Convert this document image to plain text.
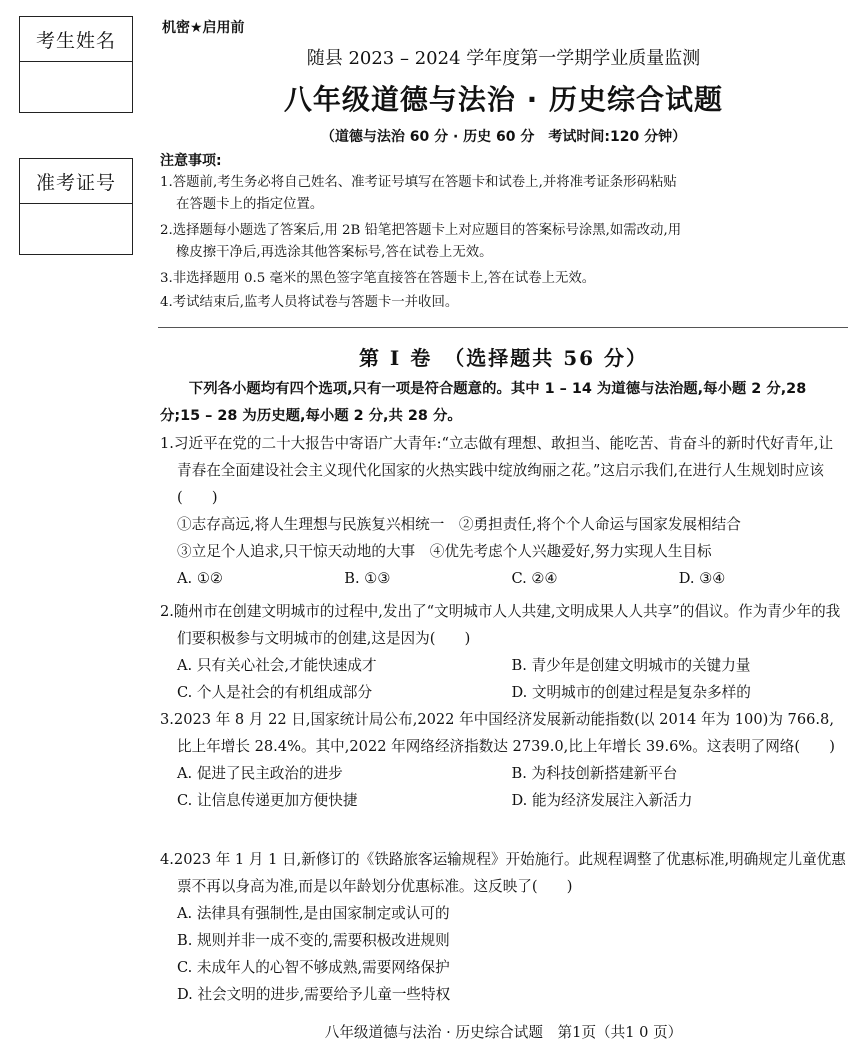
考生姓名
准考证号
机密★启用前
随县 2023 – 2024 学年度第一学期学业质量监测
八年级道德与法治 · 历史综合试题
（道德与法治 60 分 · 历史 60 分　考试时间:120 分钟）
注意事项:
1.答题前,考生务必将自己姓名、准考证号填写在答题卡和试卷上,并将准考证条形码粘贴
在答题卡上的指定位置。
2.选择题每小题选了答案后,用 2B 铅笔把答题卡上对应题目的答案标号涂黑,如需改动,用
橡皮擦干净后,再选涂其他答案标号,答在试卷上无效。
3.非选择题用 0.5 毫米的黑色签字笔直接答在答题卡上,答在试卷上无效。
4.考试结束后,监考人员将试卷与答题卡一并收回。
第 Ⅰ 卷　（选择题共 56 分）
下列各小题均有四个选项,只有一项是符合题意的。其中 1 – 14 为道德与法治题,每小题 2 分,28 分;15 – 28 为历史题,每小题 2 分,共 28 分。
1.习近平在党的二十大报告中寄语广大青年:“立志做有理想、敢担当、能吃苦、肯奋斗的新时代好青年,让青春在全面建设社会主义现代化国家的火热实践中绽放绚丽之花。”这启示我们,在进行人生规划时应该(　　)
①志存高远,将人生理想与民族复兴相统一　②勇担责任,将个个人命运与国家发展相结合
③立足个人追求,只干惊天动地的大事　④优先考虑个人兴趣爱好,努力实现人生目标
A. ①②	B. ①③	C. ②④	D. ③④
2.随州市在创建文明城市的过程中,发出了“文明城市人人共建,文明成果人人共享”的倡议。作为青少年的我们要积极参与文明城市的创建,这是因为(　　)
A. 只有关心社会,才能快速成才	B. 青少年是创建文明城市的关键力量
C. 个人是社会的有机组成部分	D. 文明城市的创建过程是复杂多样的
3.2023 年 8 月 22 日,国家统计局公布,2022 年中国经济发展新动能指数(以 2014 年为 100)为 766.8,比上年增长 28.4%。其中,2022 年网络经济指数达 2739.0,比上年增长 39.6%。这表明了网络(　　)
A. 促进了民主政治的进步	B. 为科技创新搭建新平台
C. 让信息传递更加方便快捷	D. 能为经济发展注入新活力
4.2023 年 1 月 1 日,新修订的《铁路旅客运输规程》开始施行。此规程调整了优惠标准,明确规定儿童优惠票不再以身高为准,而是以年龄划分优惠标准。这反映了(　　)
A. 法律具有强制性,是由国家制定或认可的
B. 规则并非一成不变的,需要积极改进规则
C. 未成年人的心智不够成熟,需要网络保护
D. 社会文明的进步,需要给予儿童一些特权
八年级道德与法治 · 历史综合试题　第1页（共1 0 页）
